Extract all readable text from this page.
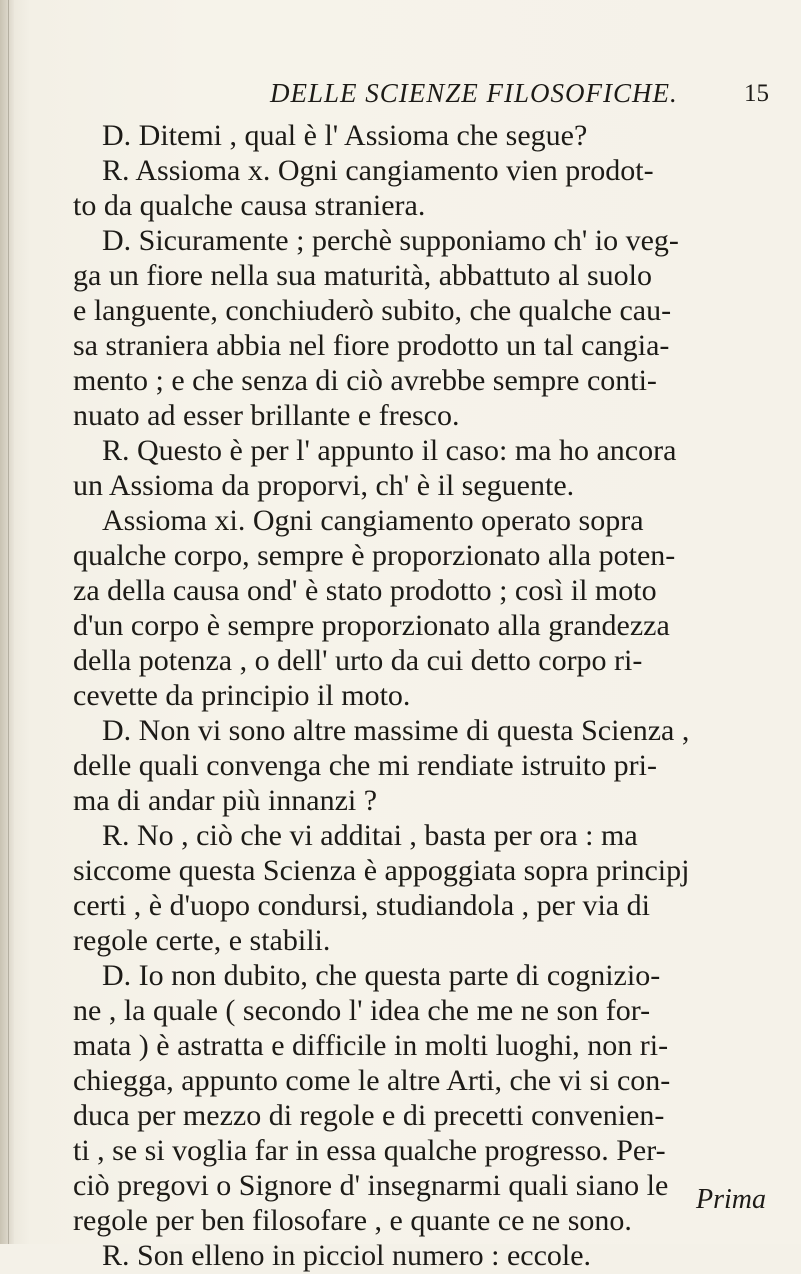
DELLE SCIENZE FILOSOFICHE.	15
D. Ditemi , qual è l' Assioma che segue?
R. Assioma x. Ogni cangiamento vien prodot-
to da qualche causa straniera.
D. Sicuramente ; perchè supponiamo ch' io veg-
ga un fiore nella sua maturità, abbattuto al suolo
e languente, conchiuderò subito, che qualche cau-
sa straniera abbia nel fiore prodotto un tal cangia-
mento ; e che senza di ciò avrebbe sempre conti-
nuato ad esser brillante e fresco.
R. Questo è per l' appunto il caso: ma ho ancora
un Assioma da proporvi, ch' è il seguente.
Assioma xi. Ogni cangiamento operato sopra
qualche corpo, sempre è proporzionato alla poten-
za della causa ond' è stato prodotto ; così il moto
d'un corpo è sempre proporzionato alla grandezza
della potenza , o dell' urto da cui detto corpo ri-
cevette da principio il moto.
D. Non vi sono altre massime di questa Scienza ,
delle quali convenga che mi rendiate istruito pri-
ma di andar più innanzi ?
R. No , ciò che vi additai , basta per ora : ma
siccome questa Scienza è appoggiata sopra principj
certi , è d'uopo condursi, studiandola , per via di
regole certe, e stabili.
D. Io non dubito, che questa parte di cognizio-
ne , la quale ( secondo l' idea che me ne son for-
mata ) è astratta e difficile in molti luoghi, non ri-
chiegga, appunto come le altre Arti, che vi si con-
duca per mezzo di regole e di precetti convenien-
ti , se si voglia far in essa qualche progresso. Per-
ciò pregovi o Signore d' insegnarmi quali siano le
regole per ben filosofare , e quante ce ne sono.
R. Son elleno in picciol numero : eccole.
Prima
